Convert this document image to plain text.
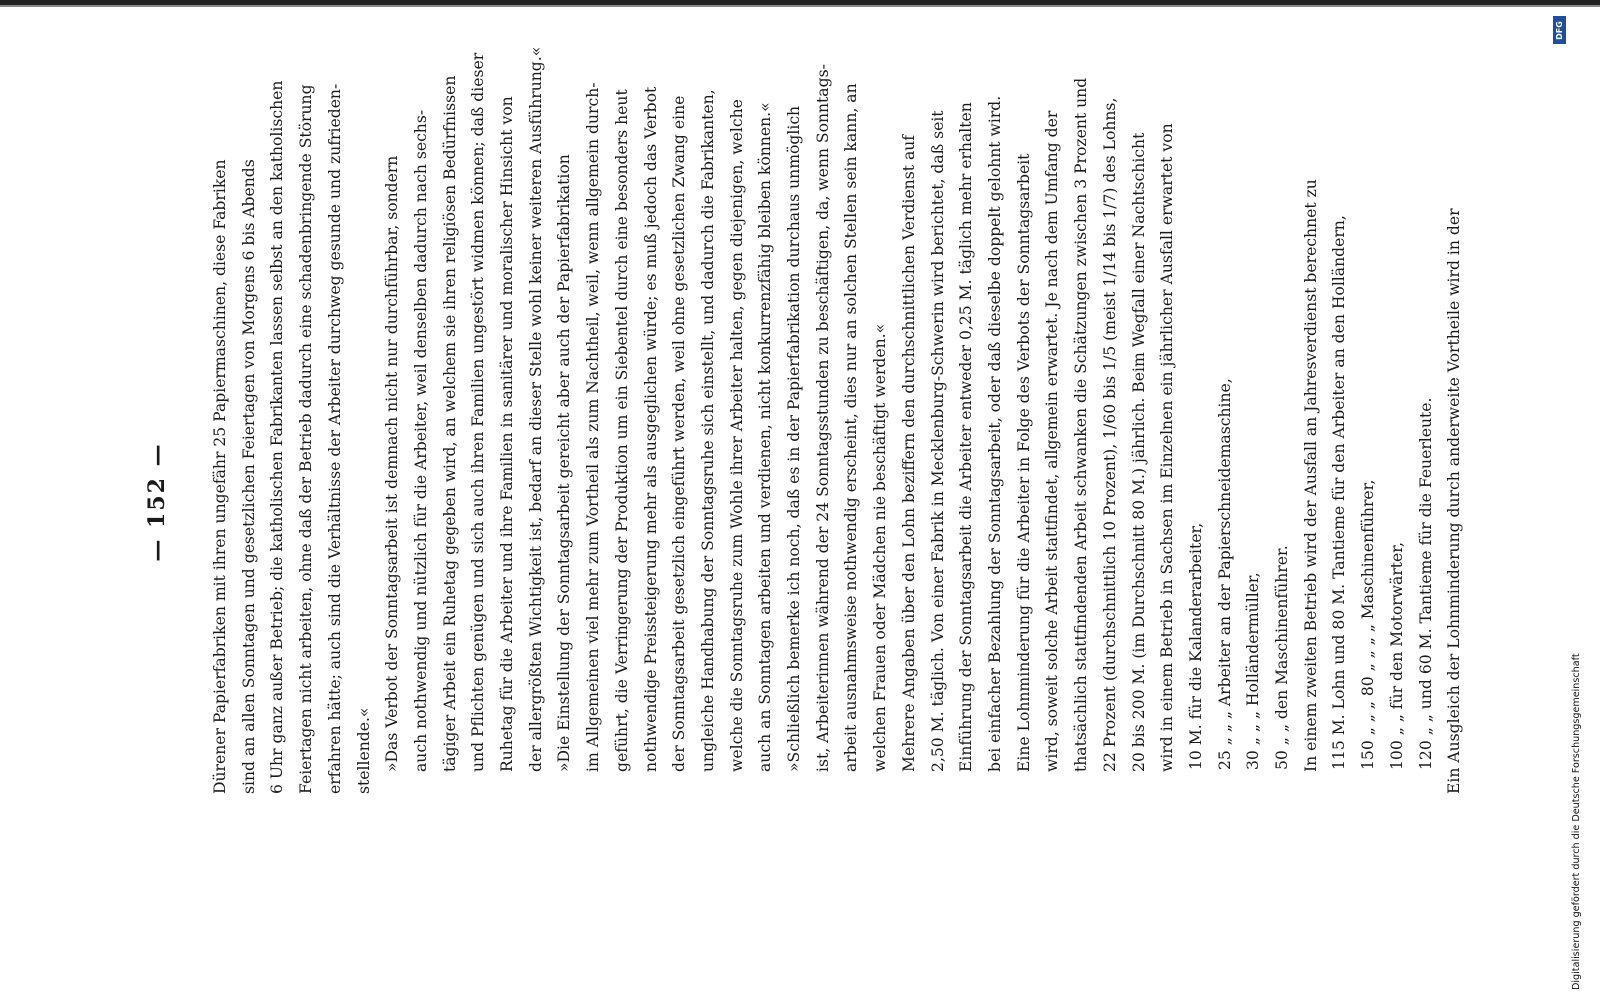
— 152 —	Dürener Papierfabriken mit ihren ungefähr 25 Papiermaschinen, diese Fabriken sind an allen Sonntagen und gesetzlichen Feiertagen von Morgens 6 bis Abends 6 Uhr ganz außer Betrieb; die katholischen Fabrikanten lassen selbst an den katholischen Feiertagen nicht arbeiten, ohne daß der Betrieb dadurch eine schadenbringende Störung erfahren hätte; auch sind die Verhältnisse der Arbeiter durchweg gesunde und zufrieden- stellende.« »Das Verbot der Sonntagsarbeit ist demnach nicht nur durchführbar, sondern auch nothwendig und nützlich für die Arbeiter, weil denselben dadurch nach sechs- tägiger Arbeit ein Ruhetag gegeben wird, an welchem sie ihren religiösen Bedürfnissen und Pflichten genügen und sich auch ihren Familien ungestört widmen können; daß dieser Ruhetag für die Arbeiter und ihre Familien in sanitärer und moralischer Hinsicht von der allergrößten Wichtigkeit ist, bedarf an dieser Stelle wohl keiner weiteren Ausführung.« »Die Einstellung der Sonntagsarbeit gereicht aber auch der Papierfabrikation im Allgemeinen viel mehr zum Vortheil als zum Nachtheil, weil, wenn allgemein durch- geführt, die Verringerung der Produktion um ein Siebentel durch eine besonders heut nothwendige Preissteigerung mehr als ausgeglichen würde; es muß jedoch das Verbot der Sonntagsarbeit gesetzlich eingeführt werden, weil ohne gesetzlichen Zwang eine ungleiche Handhabung der Sonntagsruhe sich einstellt, und dadurch die Fabrikanten, welche die Sonntagsruhe zum Wohle ihrer Arbeiter halten, gegen diejenigen, welche auch an Sonntagen arbeiten und verdienen, nicht konkurrenzfähig bleiben können.« »Schließlich bemerke ich noch, daß es in der Papierfabrikation durchaus unmöglich ist, Arbeiterinnen während der 24 Sonntagsstunden zu beschäftigen, da, wenn Sonntags- arbeit ausnahmsweise nothwendig erscheint, dies nur an solchen Stellen sein kann, an welchen Frauen oder Mädchen nie beschäftigt werden.« Mehrere Angaben über den Lohn beziffern den durchschnittlichen Verdienst auf 2,50 M. täglich. Von einer Fabrik in Mecklenburg-Schwerin wird berichtet, daß seit Einführung der Sonntagsarbeit die Arbeiter entweder 0,25 M. täglich mehr erhalten bei einfacher Bezahlung der Sonntagsarbeit, oder daß dieselbe doppelt gelohnt wird. Eine Lohnminderung für die Arbeiter in Folge des Verbots der Sonntagsarbeit wird, soweit solche Arbeit stattfindet, allgemein erwartet. Je nach dem Umfang der thatsächlich stattfindenden Arbeit schwanken die Schätzungen zwischen 3 Prozent und 22 Prozent (durchschnittlich 10 Prozent), 1/60 bis 1/5 (meist 1/14 bis 1/7) des Lohns, 20 bis 200 M. (im Durchschnitt 80 M.) jährlich. Beim Wegfall einer Nachtschicht wird in einem Betrieb in Sachsen im Einzelnen ein jährlicher Ausfall erwartet von 10 M. für die Kalanderarbeiter, 25 „ „ „ Arbeiter an der Papierschneidemaschine, 30 „ „ „ Holländermüller, 50 „ „ den Maschinenführer. In einem zweiten Betrieb wird der Ausfall an Jahresverdienst berechnet zu 115 M. Lohn und 80 M. Tantieme für den Arbeiter an den Holländern, 150 „ „ „ 80 „ „ „ „ Maschinenführer, 100 „ „ für den Motorwärter, 120 „ „ und 60 M. Tantieme für die Feuerleute. Ein Ausgleich der Lohnminderung durch anderweite Vortheile wird in der
Digitalisierung gefördert durch die Deutsche Forschungsgemeinschaft
DFG
